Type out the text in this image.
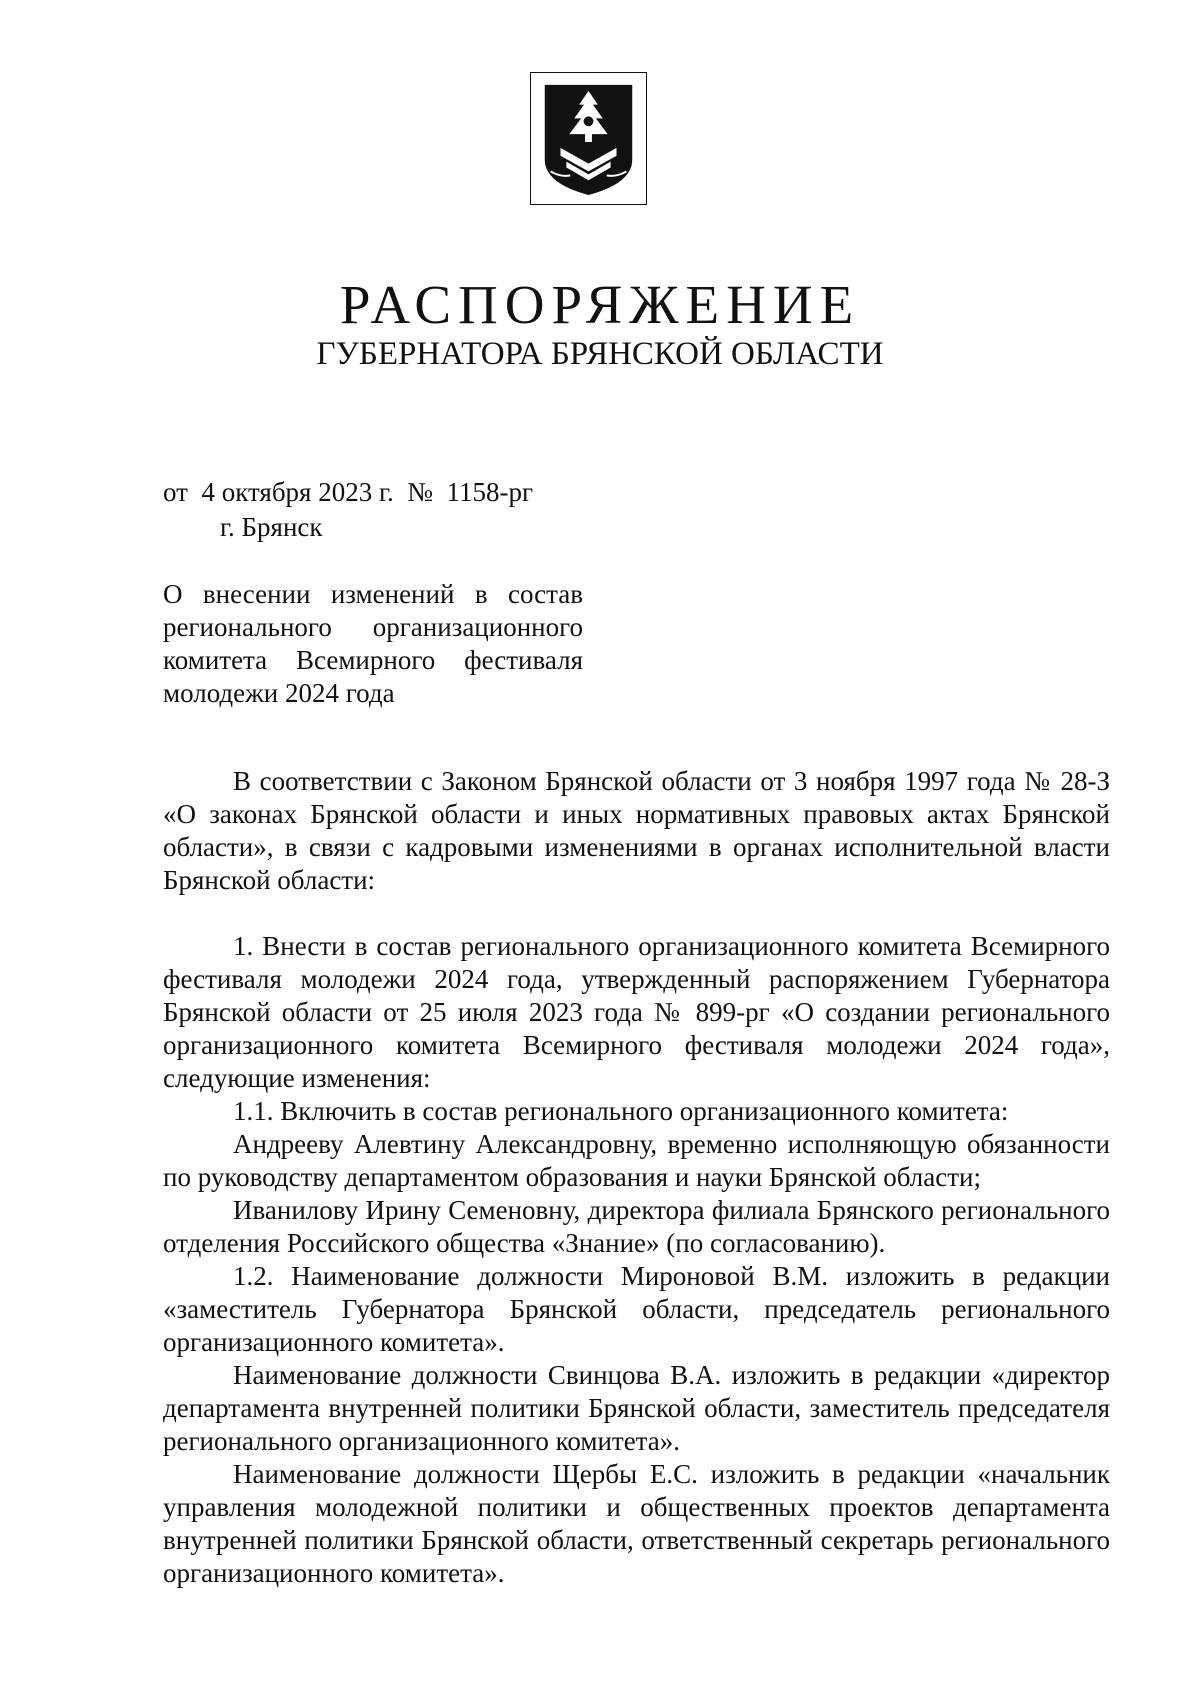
РАСПОРЯЖЕНИЕ
ГУБЕРНАТОРА БРЯНСКОЙ ОБЛАСТИ
от  4 октября 2023 г.  №  1158-рг
г. Брянск
О внесении изменений в состав
регионального организационного
комитета Всемирного фестиваля
молодежи 2024 года

В соответствии с Законом Брянской области от 3 ноября 1997 года № 28-З «О законах Брянской области и иных нормативных правовых актах Брянской области», в связи с кадровыми изменениями в органах исполнительной власти Брянской области:

1. Внести в состав регионального организационного комитета Всемирного фестиваля молодежи 2024 года, утвержденный распоряжением Губернатора Брянской области от 25 июля 2023 года № 899-рг «О создании регионального организационного комитета Всемирного фестиваля молодежи 2024 года», следующие изменения:

1.1. Включить в состав регионального организационного комитета:

Андрееву Алевтину Александровну, временно исполняющую обязанности по руководству департаментом образования и науки Брянской области;

Иванилову Ирину Семеновну, директора филиала Брянского регионального отделения Российского общества «Знание» (по согласованию).

1.2. Наименование должности Мироновой В.М. изложить в редакции «заместитель Губернатора Брянской области, председатель регионального организационного комитета».

Наименование должности Свинцова В.А. изложить в редакции «директор департамента внутренней политики Брянской области, заместитель председателя регионального организационного комитета».

Наименование должности Щербы Е.С. изложить в редакции «начальник управления молодежной политики и общественных проектов департамента внутренней политики Брянской области, ответственный секретарь регионального организационного комитета».
